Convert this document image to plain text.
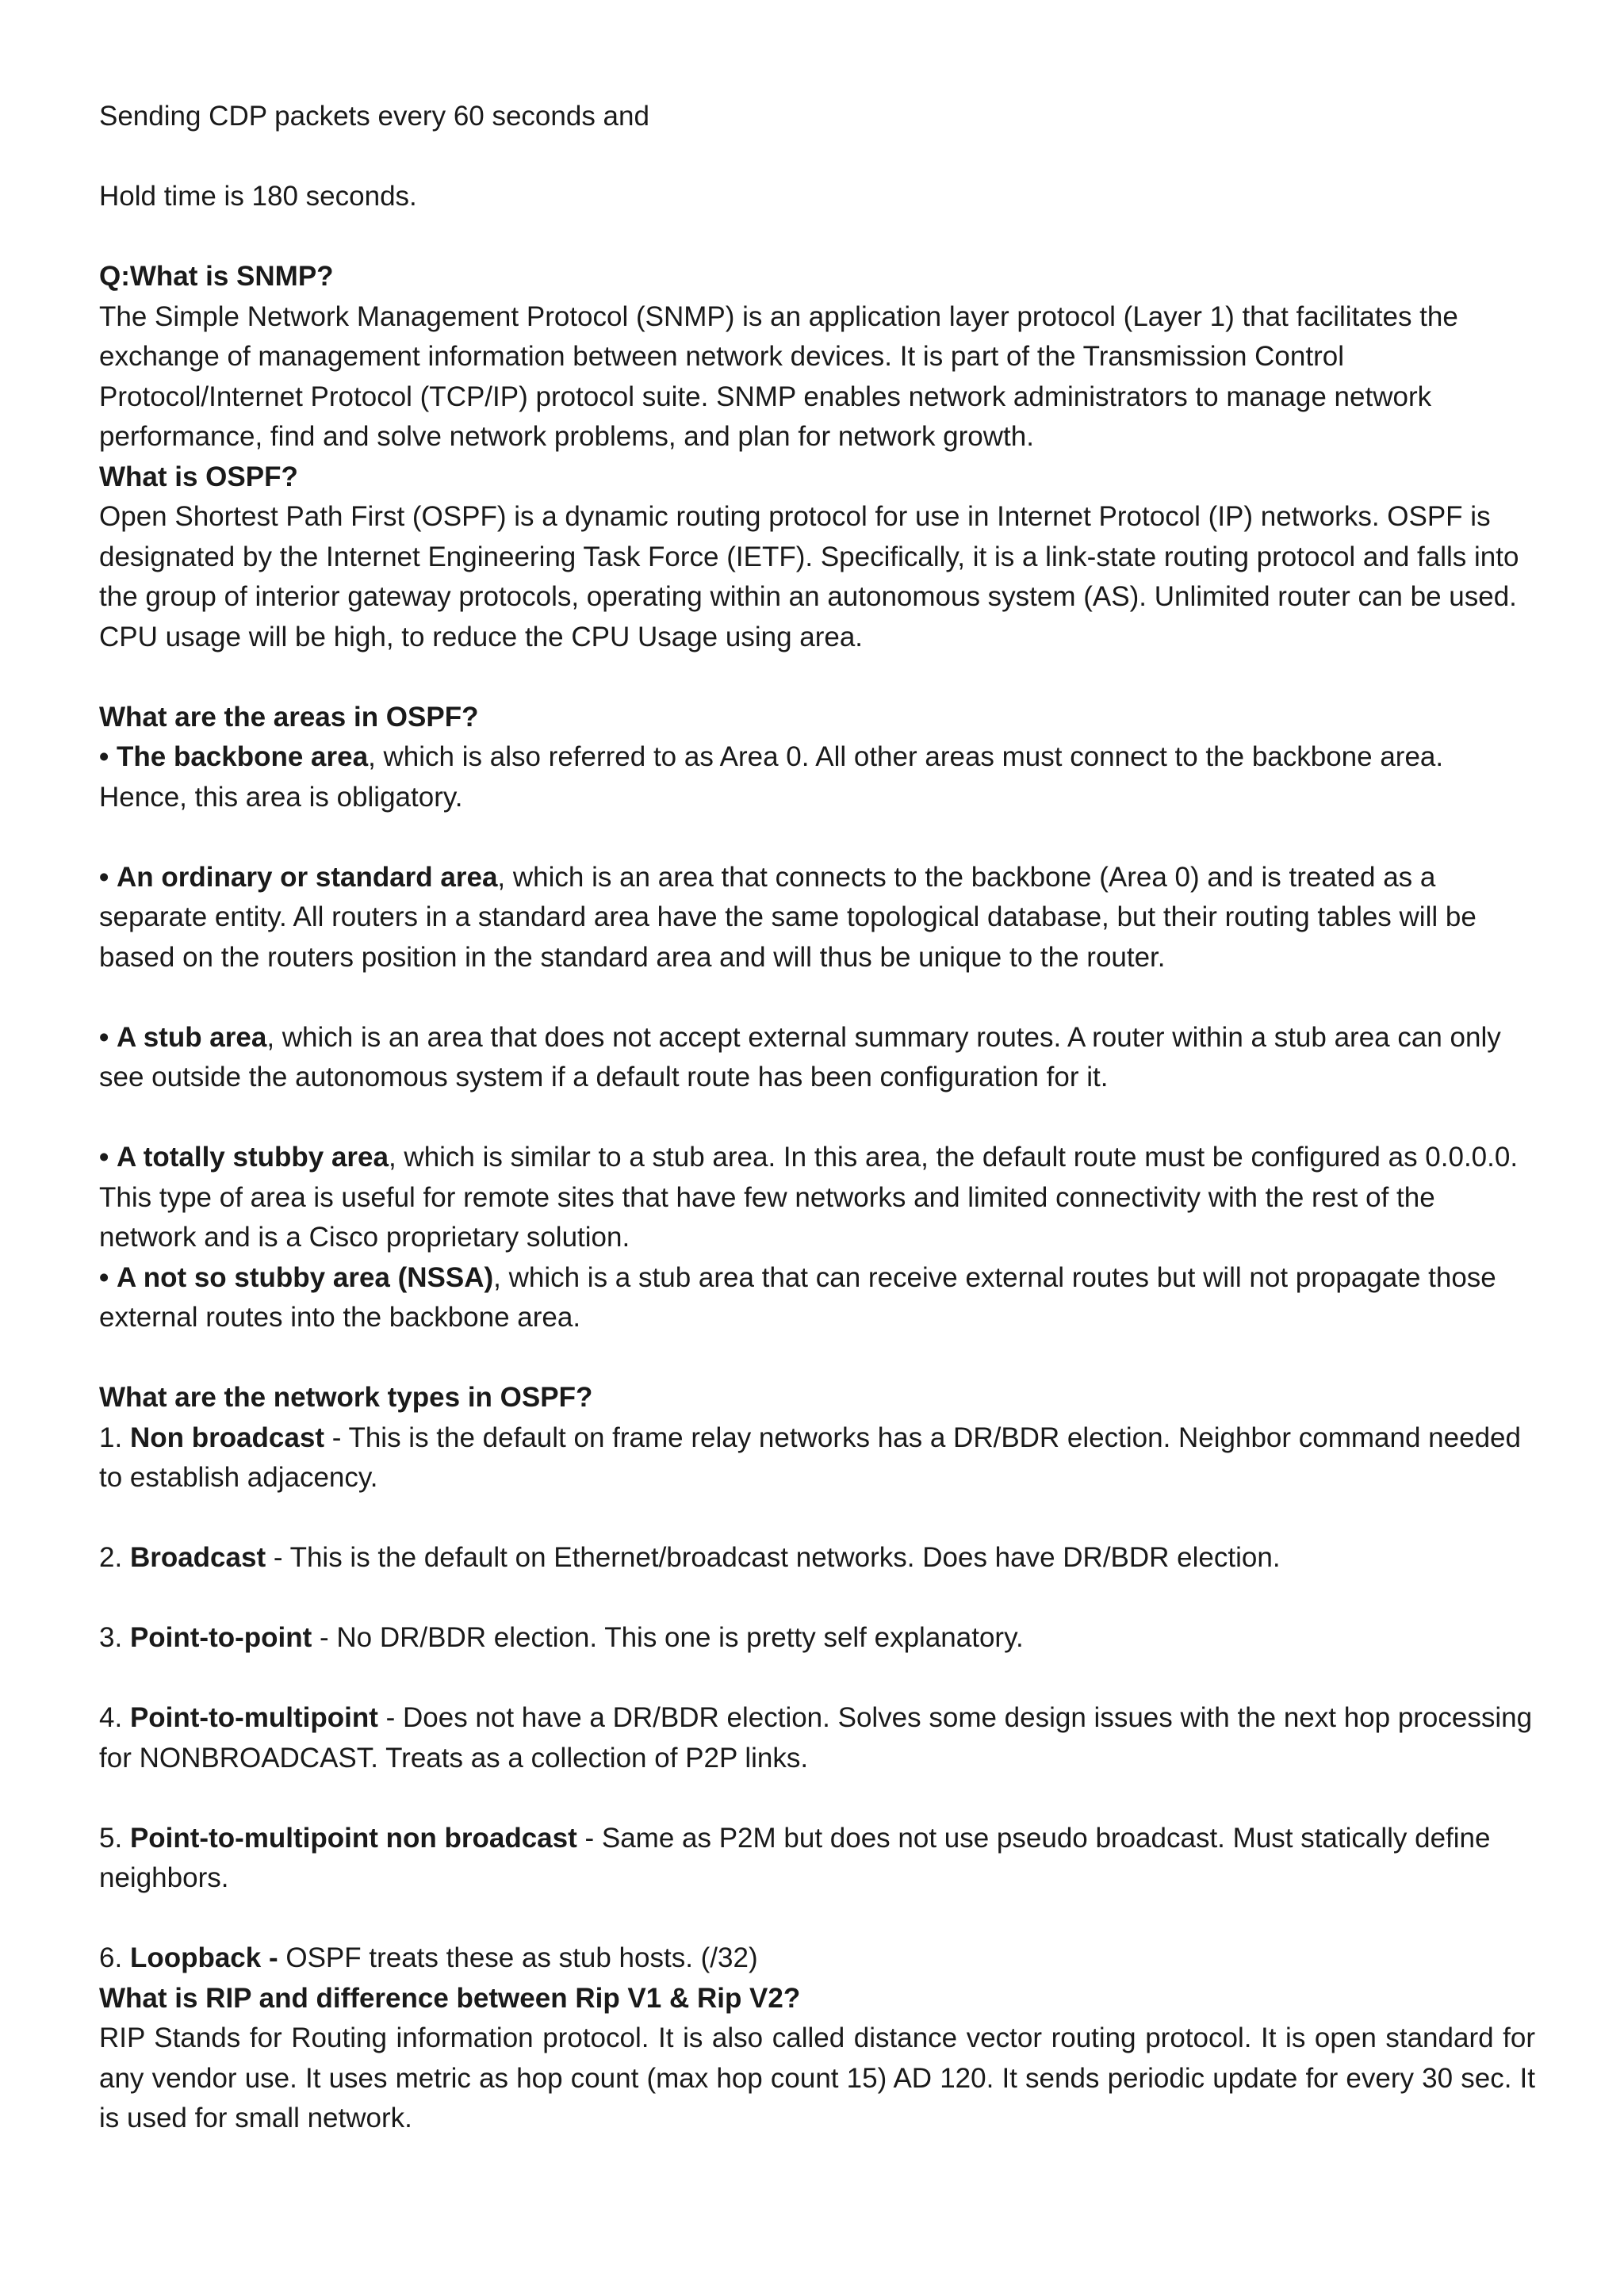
Sending CDP packets every 60 seconds and

Hold time is 180 seconds.

Q:What is SNMP?

The Simple Network Management Protocol (SNMP) is an application layer protocol (Layer 1) that facilitates the exchange of management information between network devices. It is part of the Transmission Control Protocol/Internet Protocol (TCP/IP) protocol suite. SNMP enables network administrators to manage network performance, find and solve network problems, and plan for network growth.

What is OSPF?

Open Shortest Path First (OSPF) is a dynamic routing protocol for use in Internet Protocol (IP) networks. OSPF is designated by the Internet Engineering Task Force (IETF). Specifically, it is a link-state routing protocol and falls into the group of interior gateway protocols, operating within an autonomous system (AS). Unlimited router can be used. CPU usage will be high, to reduce the CPU Usage using area.

What are the areas in OSPF?

• The backbone area, which is also referred to as Area 0. All other areas must connect to the backbone area. Hence, this area is obligatory.

• An ordinary or standard area, which is an area that connects to the backbone (Area 0) and is treated as a separate entity. All routers in a standard area have the same topological database, but their routing tables will be based on the routers position in the standard area and will thus be unique to the router.

• A stub area, which is an area that does not accept external summary routes. A router within a stub area can only see outside the autonomous system if a default route has been configuration for it.

• A totally stubby area, which is similar to a stub area. In this area, the default route must be configured as 0.0.0.0. This type of area is useful for remote sites that have few networks and limited connectivity with the rest of the network and is a Cisco proprietary solution.

• A not so stubby area (NSSA), which is a stub area that can receive external routes but will not propagate those external routes into the backbone area.

What are the network types in OSPF?

1. Non broadcast - This is the default on frame relay networks has a DR/BDR election. Neighbor command needed to establish adjacency.

2. Broadcast - This is the default on Ethernet/broadcast networks. Does have DR/BDR election.

3. Point-to-point - No DR/BDR election. This one is pretty self explanatory.

4. Point-to-multipoint - Does not have a DR/BDR election. Solves some design issues with the next hop processing for NONBROADCAST. Treats as a collection of P2P links.

5. Point-to-multipoint non broadcast - Same as P2M but does not use pseudo broadcast. Must statically define neighbors.

6. Loopback - OSPF treats these as stub hosts. (/32)

What is RIP and difference between Rip V1 & Rip V2?

RIP Stands for Routing information protocol. It is also called distance vector routing protocol. It is open standard for any vendor use. It uses metric as hop count (max hop count 15) AD 120. It sends periodic update for every 30 sec. It is used for small network.
